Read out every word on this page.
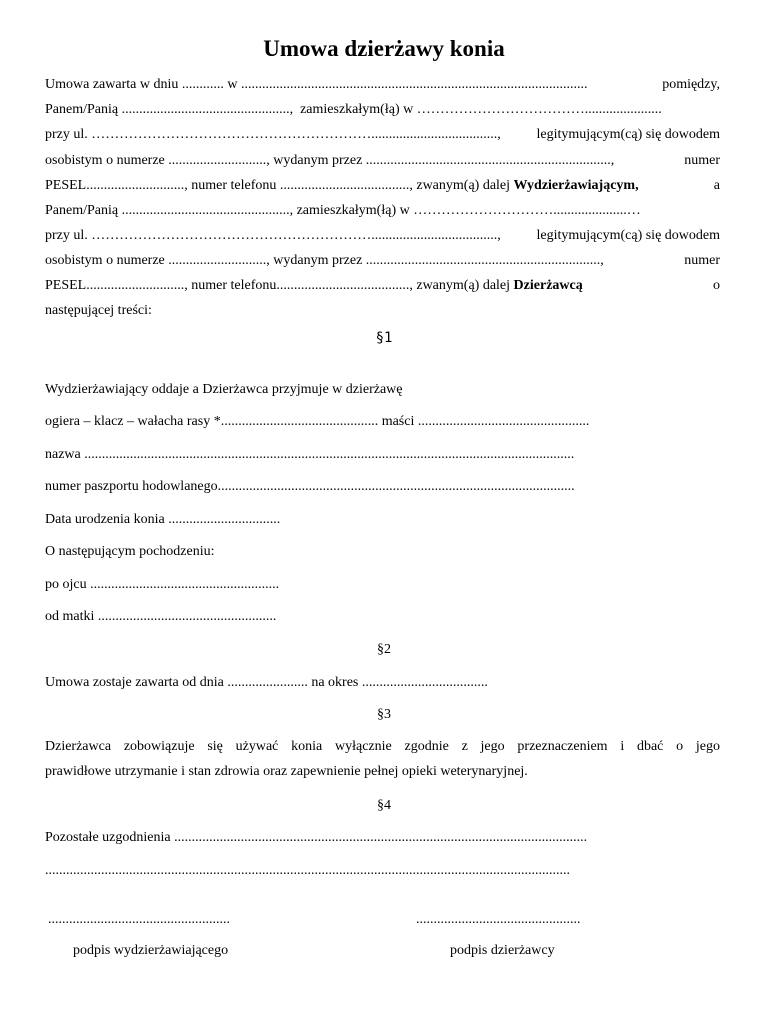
Umowa dzierżawy konia
Umowa zawarta w dniu ............ w ...................................................................................................	pomiędzy,
Panem/Panią ................................................,  zamieszkałym(łą) w ………………………………......................
przy ul. ……………………………………………………....................................,	legitymującym(cą) się dowodem
osobistym o numerze ............................, wydanym przez ......................................................................,	numer
PESEL............................, numer telefonu ....................................., zwanym(ą) dalej Wydzierżawiającym,	a
Panem/Panią ................................................, zamieszkałym(łą) w ………………………….....................…
przy ul. ……………………………………………………....................................,	legitymującym(cą) się dowodem
osobistym o numerze ............................, wydanym przez ...................................................................,	numer
PESEL............................, numer telefonu......................................, zwanym(ą) dalej Dzierżawcą	o
następującej treści:
§1
Wydzierżawiający oddaje a Dzierżawca przyjmuje w dzierżawę
ogiera – klacz – wałacha rasy *............................................. maści .................................................
nazwa ............................................................................................................................................
numer paszportu hodowlanego......................................................................................................
Data urodzenia konia ................................
O następującym pochodzeniu:
po ojcu ......................................................
od matki ...................................................
§2
Umowa zostaje zawarta od dnia ....................... na okres ....................................
§3
Dzierżawca zobowiązuje się używać konia wyłącznie zgodnie z jego przeznaczeniem i dbać o jego
prawidłowe utrzymanie i stan zdrowia oraz zapewnienie pełnej opieki weterynaryjnej.
§4
Pozostałe uzgodnienia ......................................................................................................................
......................................................................................................................................................
....................................................	...............................................
podpis wydzierżawiającego	podpis dzierżawcy
